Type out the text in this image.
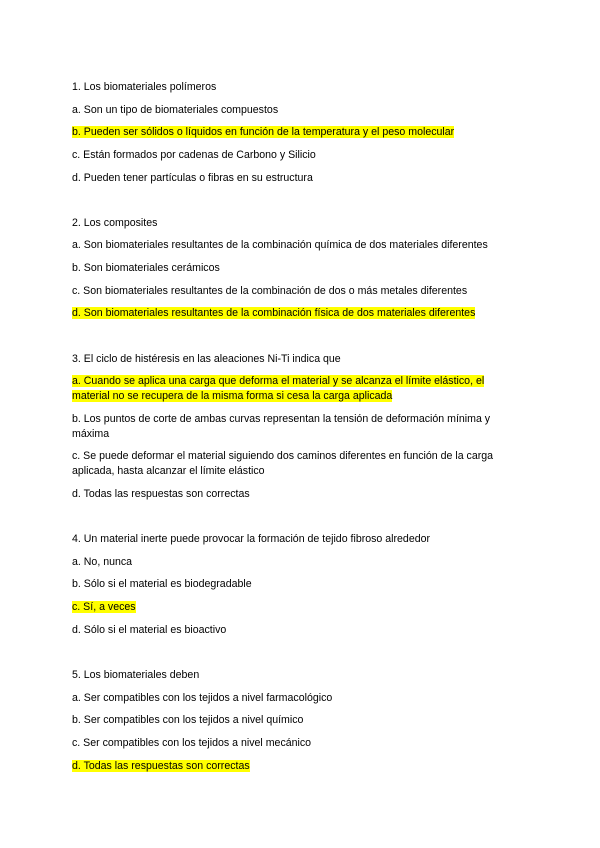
1. Los biomateriales polímeros
a. Son un tipo de biomateriales compuestos
b. Pueden ser sólidos o líquidos en función de la temperatura y el peso molecular
c. Están formados por cadenas de Carbono y Silicio
d. Pueden tener partículas o fibras en su estructura
2. Los composites
a. Son biomateriales resultantes de la combinación química de dos materiales diferentes
b. Son biomateriales cerámicos
c. Son biomateriales resultantes de la combinación de dos o más metales diferentes
d. Son biomateriales resultantes de la combinación física de dos materiales diferentes
3. El ciclo de histéresis en las aleaciones Ni-Ti indica que
a. Cuando se aplica una carga que deforma el material y se alcanza el límite elástico, el material no se recupera de la misma forma si cesa la carga aplicada
b. Los puntos de corte de ambas curvas representan la tensión de deformación mínima y máxima
c. Se puede deformar el material siguiendo dos caminos diferentes en función de la carga aplicada, hasta alcanzar el límite elástico
d. Todas las respuestas son correctas
4. Un material inerte puede provocar la formación de tejido fibroso alrededor
a. No, nunca
b. Sólo si el material es biodegradable
c. Sí, a veces
d. Sólo si el material es bioactivo
5. Los biomateriales deben
a. Ser compatibles con los tejidos a nivel farmacológico
b. Ser compatibles con los tejidos a nivel químico
c. Ser compatibles con los tejidos a nivel mecánico
d. Todas las respuestas son correctas
